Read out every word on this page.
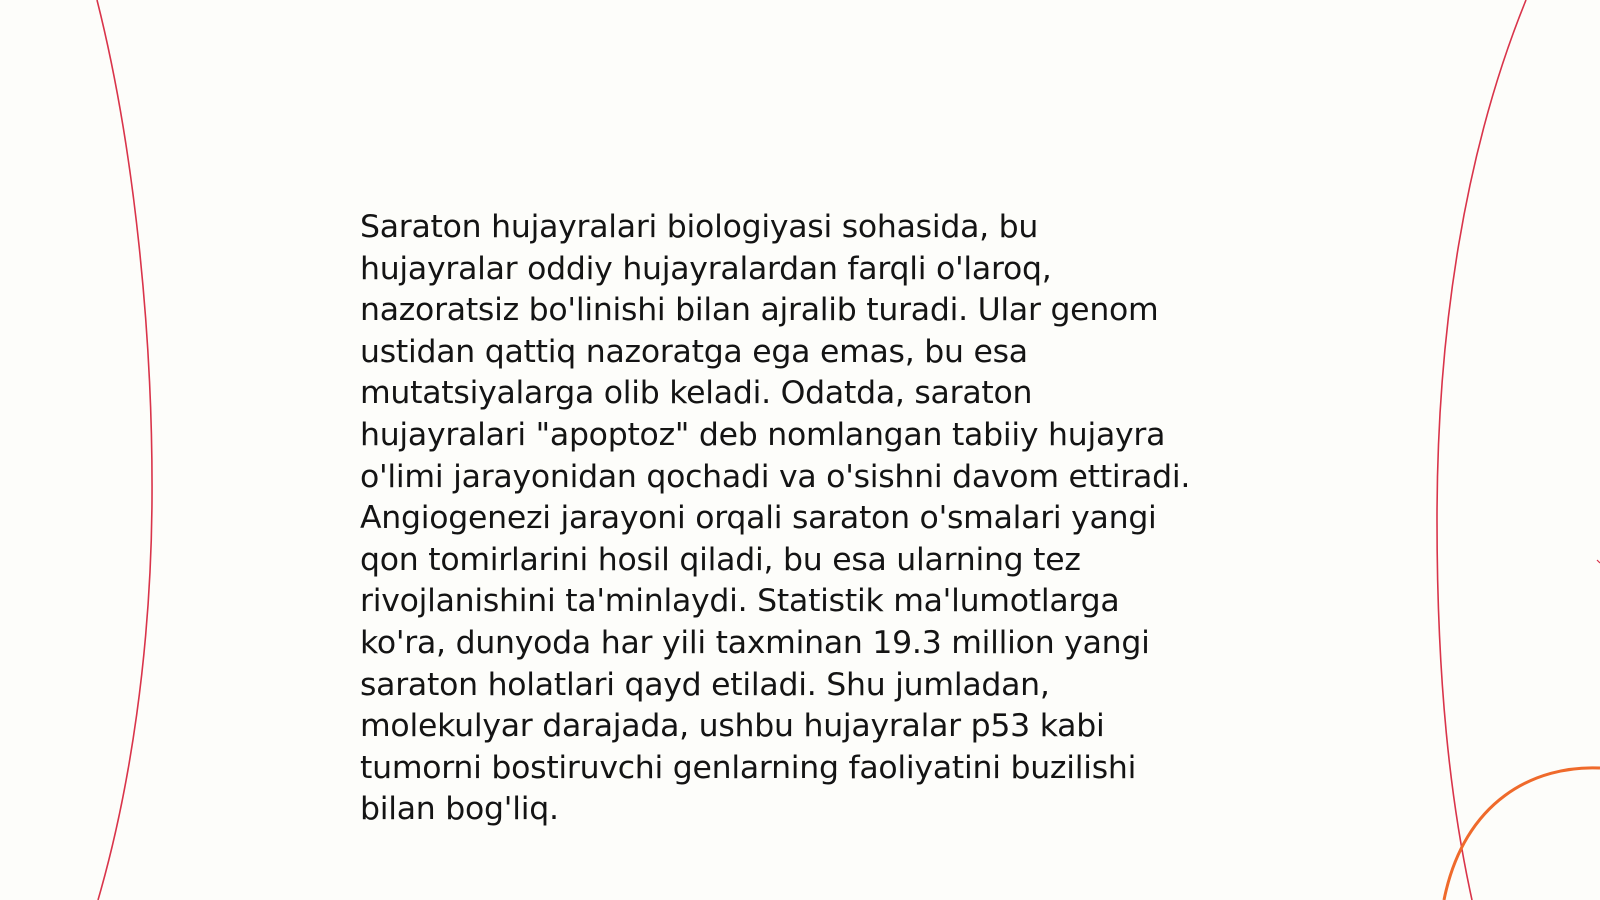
Saraton hujayralari biologiyasi sohasida, bu
hujayralar oddiy hujayralardan farqli o'laroq,
nazoratsiz bo'linishi bilan ajralib turadi. Ular genom
ustidan qattiq nazoratga ega emas, bu esa
mutatsiyalarga olib keladi. Odatda, saraton
hujayralari "apoptoz" deb nomlangan tabiiy hujayra
o'limi jarayonidan qochadi va o'sishni davom ettiradi.
Angiogenezi jarayoni orqali saraton o'smalari yangi
qon tomirlarini hosil qiladi, bu esa ularning tez
rivojlanishini ta'minlaydi. Statistik ma'lumotlarga
ko'ra, dunyoda har yili taxminan 19.3 million yangi
saraton holatlari qayd etiladi. Shu jumladan,
molekulyar darajada, ushbu hujayralar p53 kabi
tumorni bostiruvchi genlarning faoliyatini buzilishi
bilan bog'liq.
